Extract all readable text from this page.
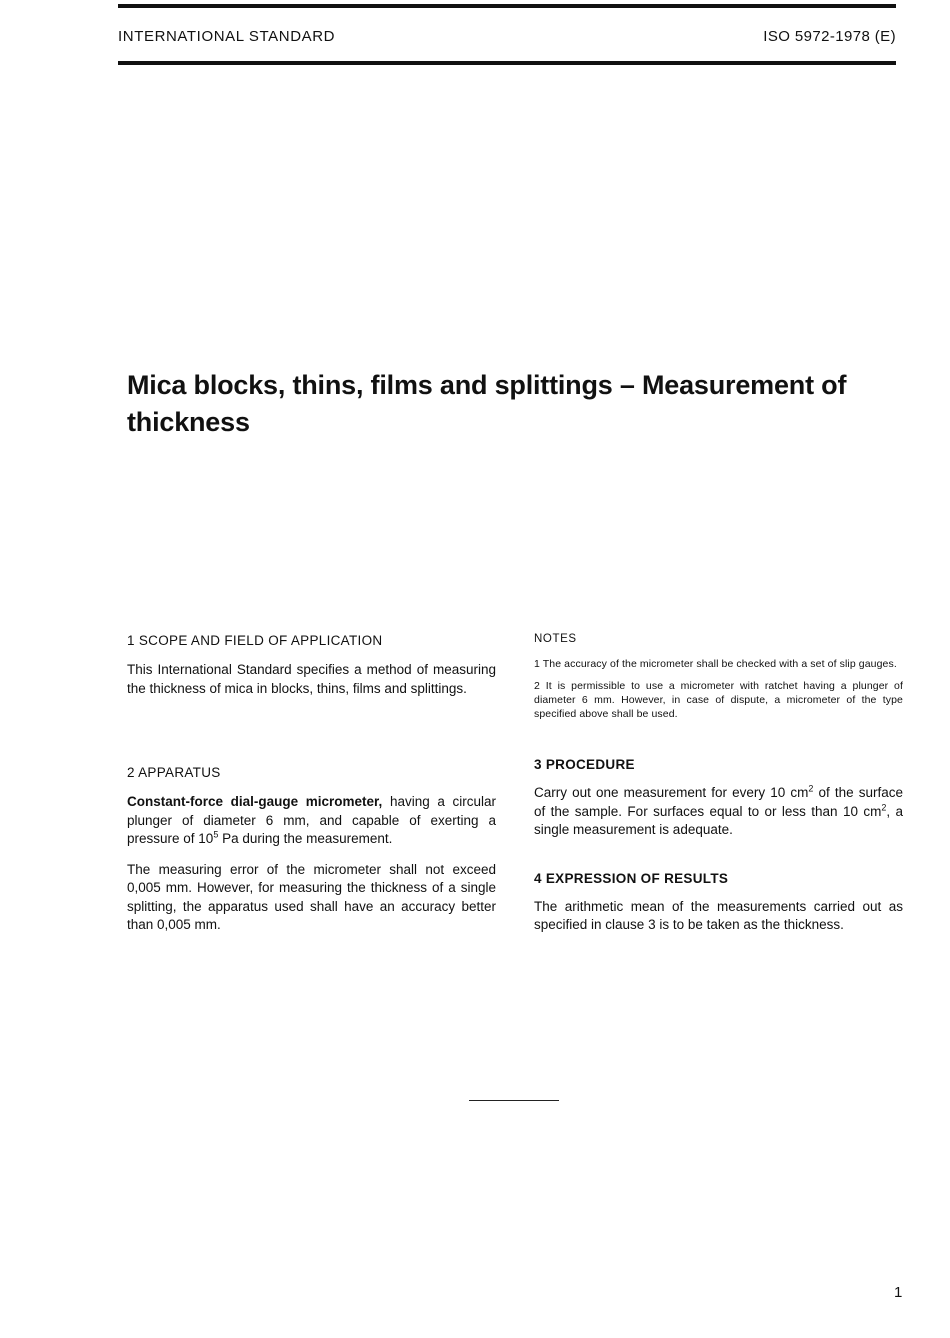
INTERNATIONAL STANDARD	ISO 5972-1978 (E)
Mica blocks, thins, films and splittings – Measurement of thickness

1 SCOPE AND FIELD OF APPLICATION

This International Standard specifies a method of measuring the thickness of mica in blocks, thins, films and splittings.

2 APPARATUS

Constant-force dial-gauge micrometer, having a circular plunger of diameter 6 mm, and capable of exerting a pressure of $10^5$ Pa during the measurement.

The measuring error of the micrometer shall not exceed 0,005 mm. However, for measuring the thickness of a single splitting, the apparatus used shall have an accuracy better than 0,005 mm.

NOTES

1 The accuracy of the micrometer shall be checked with a set of slip gauges.

2 It is permissible to use a micrometer with ratchet having a plunger of diameter 6 mm. However, in case of dispute, a micrometer of the type specified above shall be used.

3 PROCEDURE

Carry out one measurement for every 10 $cm^2$ of the surface of the sample. For surfaces equal to or less than 10 $cm^2$, a single measurement is adequate.

4 EXPRESSION OF RESULTS

The arithmetic mean of the measurements carried out as specified in clause 3 is to be taken as the thickness.

1
